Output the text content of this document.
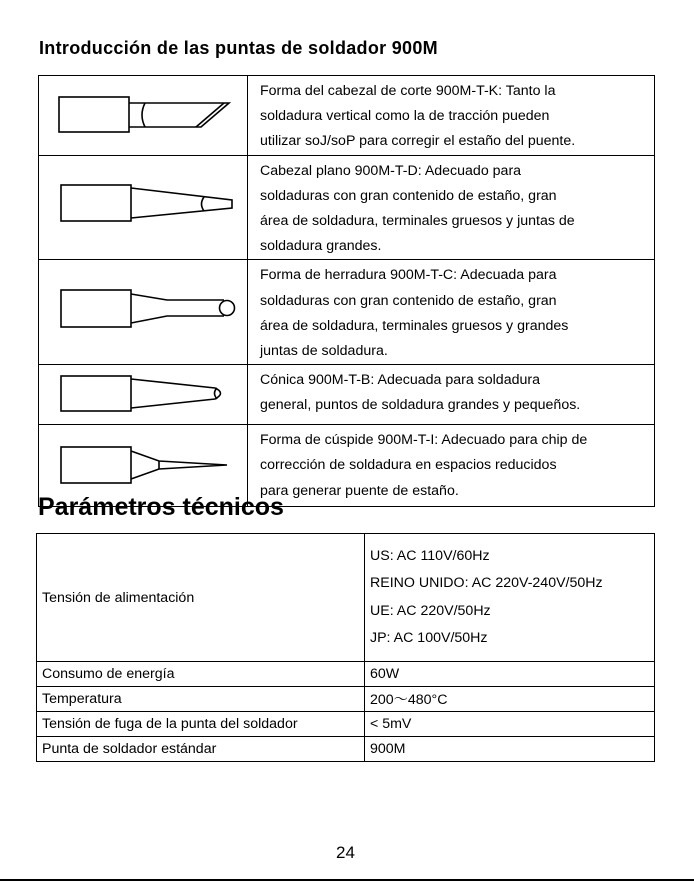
Introducción de las puntas de soldador 900M

Forma del cabezal de corte 900M-T-K: Tanto la
soldadura vertical como la de tracción pueden
utilizar soJ/soP para corregir el estaño del puente.

Cabezal plano 900M-T-D: Adecuado para
soldaduras con gran contenido de estaño, gran
área de soldadura, terminales gruesos y juntas de
soldadura grandes.

Forma de herradura 900M-T-C: Adecuada para
soldaduras con gran contenido de estaño, gran
área de soldadura, terminales gruesos y grandes
juntas de soldadura.

Cónica 900M-T-B: Adecuada para soldadura
general, puntos de soldadura grandes y pequeños.

Forma de cúspide 900M-T-I: Adecuado para chip de
corrección de soldadura en espacios reducidos
para generar puente de estaño.
Parámetros técnicos
Tensión de alimentación	US: AC 110V/60Hz
REINO UNIDO: AC 220V-240V/50Hz
UE: AC 220V/50Hz
JP: AC 100V/50Hz

Consumo de energía	60W
Temperatura	200～480°C
Tensión de fuga de la punta del soldador	< 5mV
Punta de soldador estándar	900M
24
